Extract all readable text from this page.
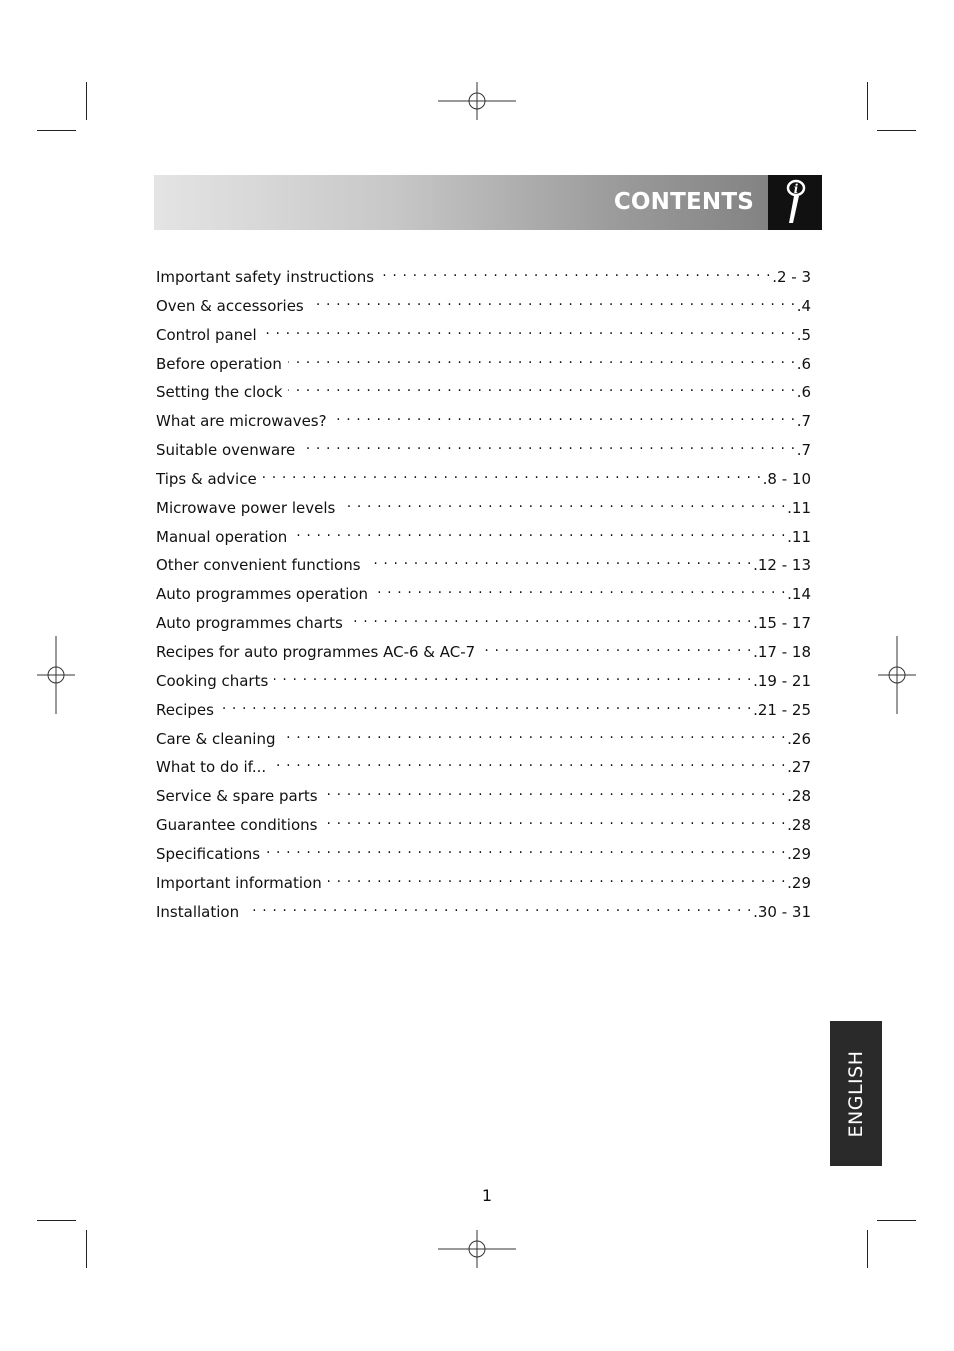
CONTENTS	i
Important safety instructions . . .	.2 - 3
Oven & accessories . . .	.4
Control panel . . .	.5
Before operation . . .	.6
Setting the clock . . .	.6
What are microwaves? . . .	.7
Suitable ovenware . . .	.7
Tips & advice . . .	.8 - 10
Microwave power levels . . .	.11
Manual operation . . .	.11
Other convenient functions . . .	.12 - 13
Auto programmes operation . . .	.14
Auto programmes charts . . .	.15 - 17
Recipes for auto programmes AC-6 & AC-7 . . .	.17 - 18
Cooking charts . . .	.19 - 21
Recipes . . .	.21 - 25
Care & cleaning . . .	.26
What to do if... . . .	.27
Service & spare parts . . .	.28
Guarantee conditions . . .	.28
Specifications . . .	.29
Important information . . .	.29
Installation . . .	.30 - 31
ENGLISH
1
